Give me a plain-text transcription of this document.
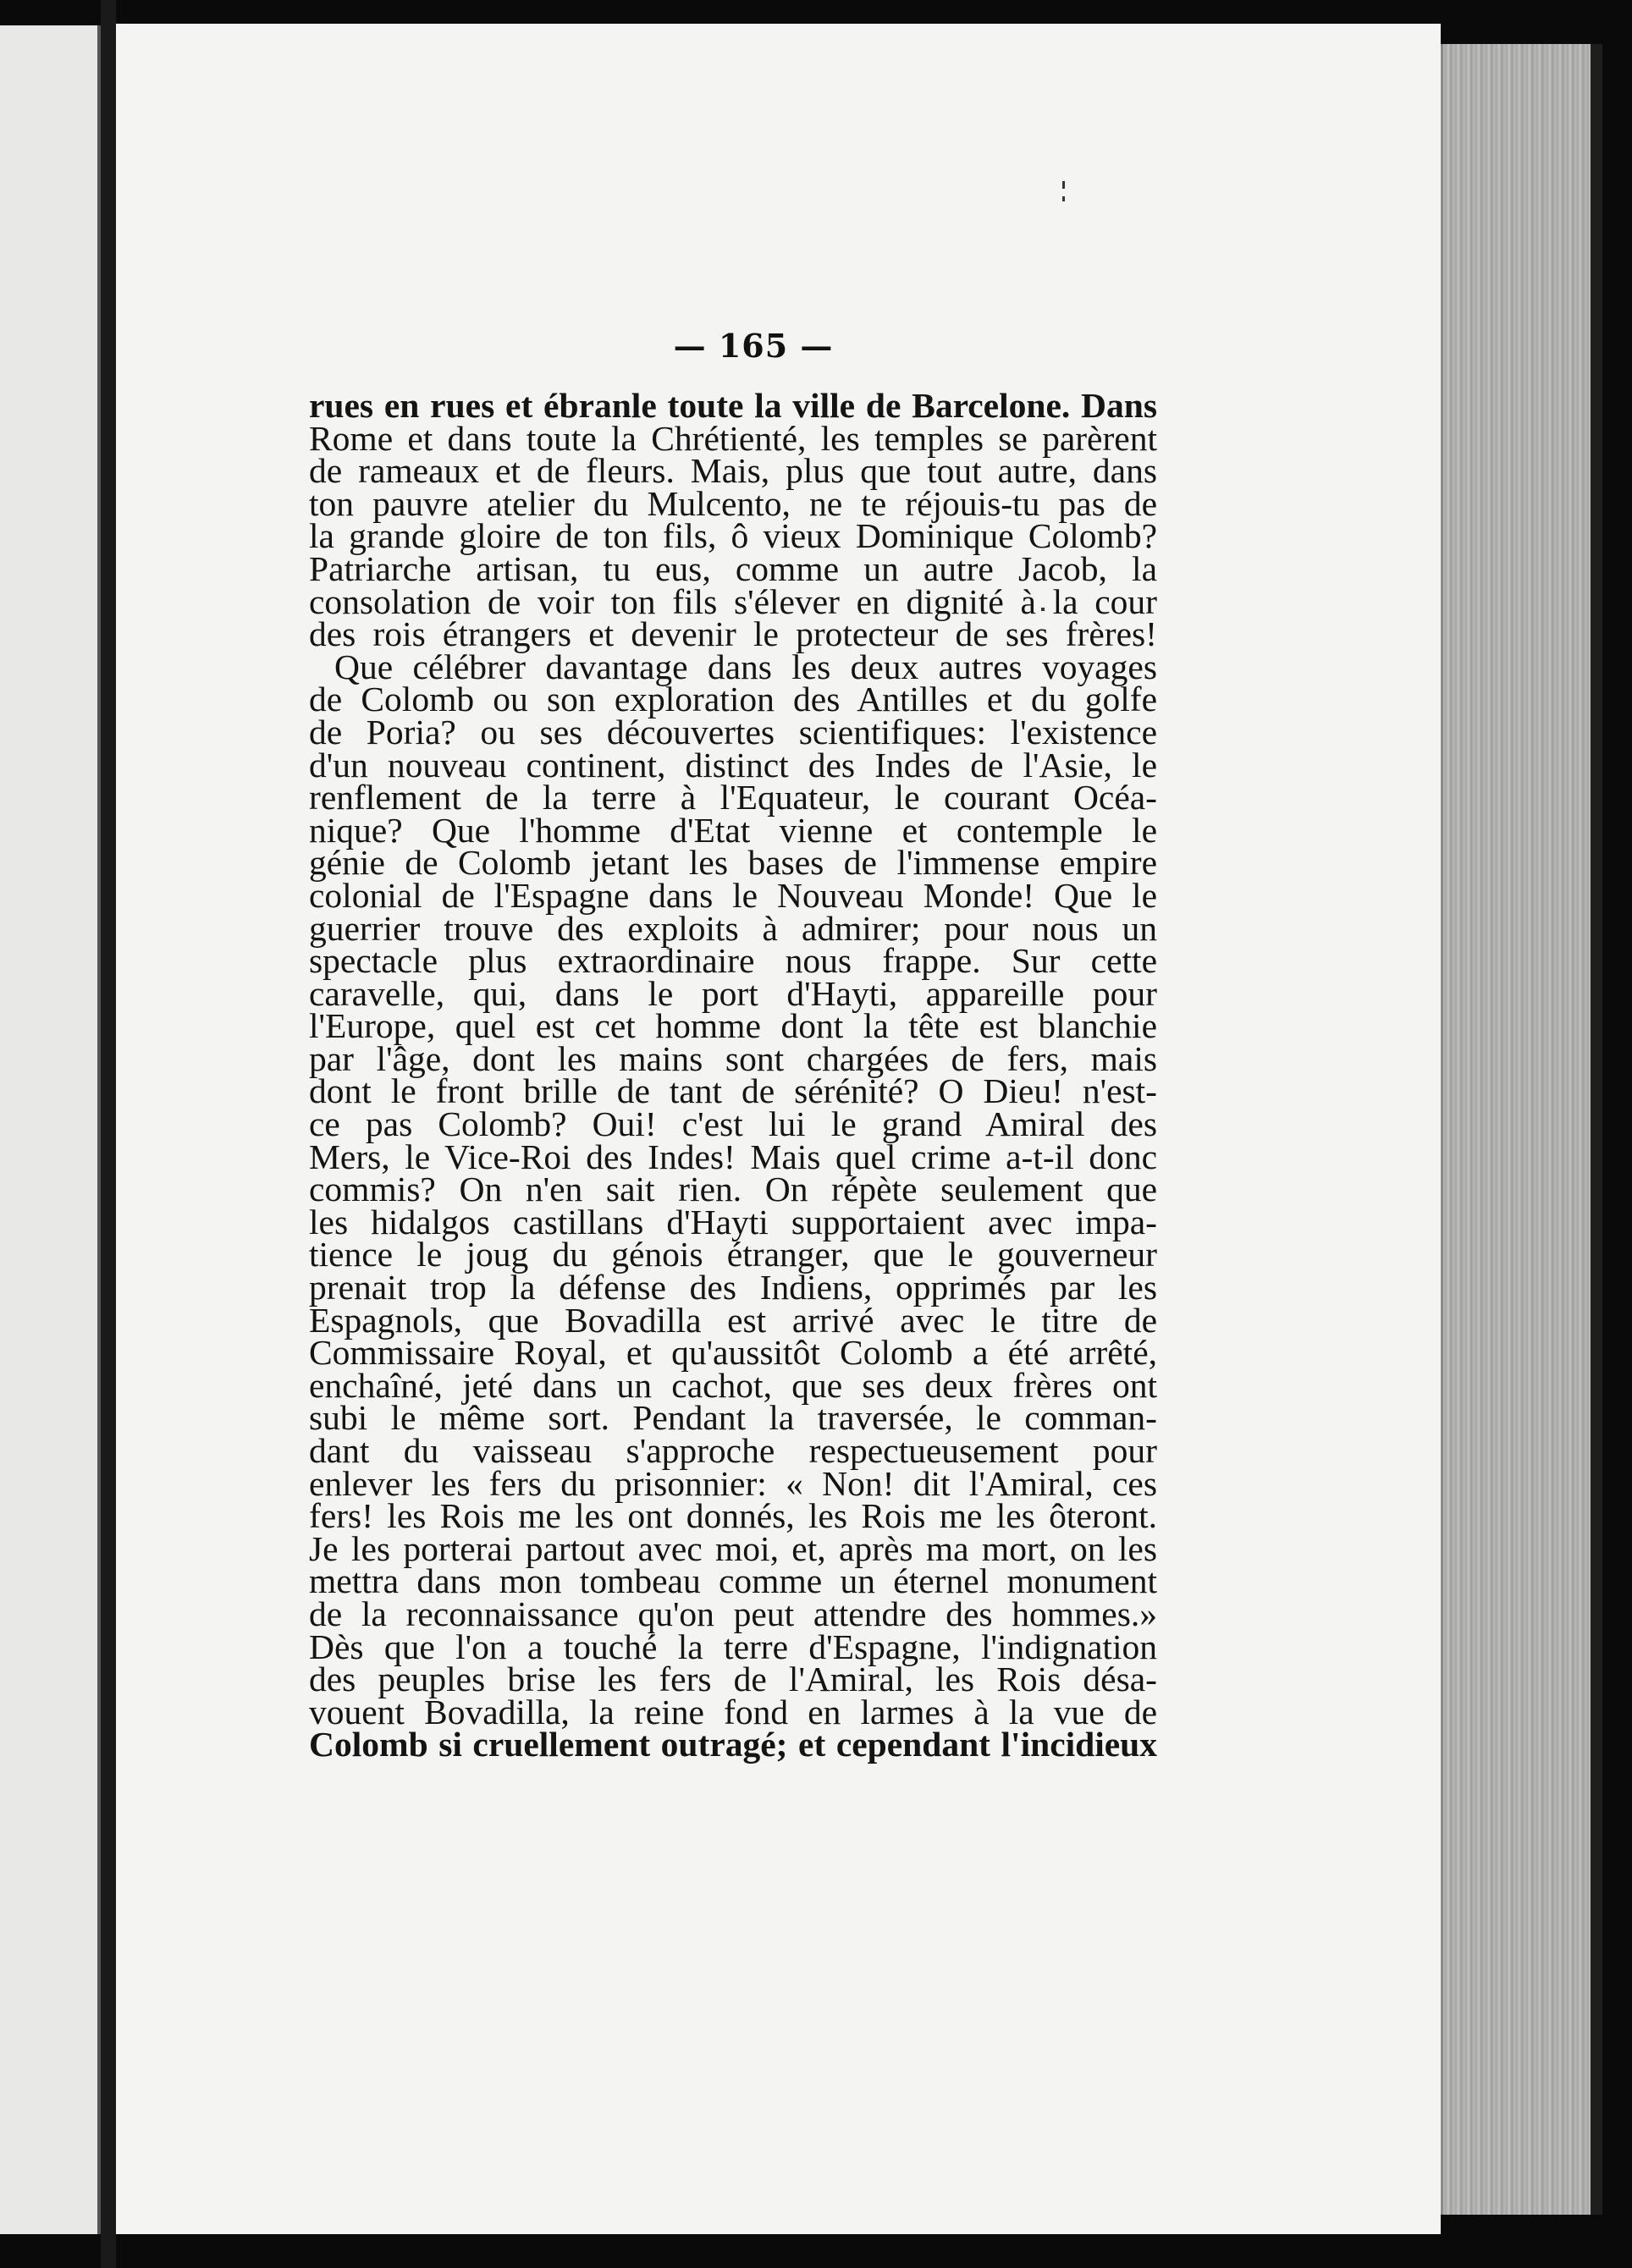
— 165 —
rues en rues et ébranle toute la ville de Barcelone. Dans
Rome et dans toute la Chrétienté, les temples se parèrent
de rameaux et de fleurs. Mais, plus que tout autre, dans
ton pauvre atelier du Mulcento, ne te réjouis-tu pas de
la grande gloire de ton fils, ô vieux Dominique Colomb?
Patriarche artisan, tu eus, comme un autre Jacob, la
consolation de voir ton fils s'élever en dignité à la cour
des rois étrangers et devenir le protecteur de ses frères!
Que célébrer davantage dans les deux autres voyages
de Colomb ou son exploration des Antilles et du golfe
de Poria? ou ses découvertes scientifiques: l'existence
d'un nouveau continent, distinct des Indes de l'Asie, le
renflement de la terre à l'Equateur, le courant Océa-
nique? Que l'homme d'Etat vienne et contemple le
génie de Colomb jetant les bases de l'immense empire
colonial de l'Espagne dans le Nouveau Monde! Que le
guerrier trouve des exploits à admirer; pour nous un
spectacle plus extraordinaire nous frappe. Sur cette
caravelle, qui, dans le port d'Hayti, appareille pour
l'Europe, quel est cet homme dont la tête est blanchie
par l'âge, dont les mains sont chargées de fers, mais
dont le front brille de tant de sérénité? O Dieu! n'est-
ce pas Colomb? Oui! c'est lui le grand Amiral des
Mers, le Vice-Roi des Indes! Mais quel crime a-t-il donc
commis? On n'en sait rien. On répète seulement que
les hidalgos castillans d'Hayti supportaient avec impa-
tience le joug du génois étranger, que le gouverneur
prenait trop la défense des Indiens, opprimés par les
Espagnols, que Bovadilla est arrivé avec le titre de
Commissaire Royal, et qu'aussitôt Colomb a été arrêté,
enchaîné, jeté dans un cachot, que ses deux frères ont
subi le même sort. Pendant la traversée, le comman-
dant du vaisseau s'approche respectueusement pour
enlever les fers du prisonnier: « Non! dit l'Amiral, ces
fers! les Rois me les ont donnés, les Rois me les ôteront.
Je les porterai partout avec moi, et, après ma mort, on les
mettra dans mon tombeau comme un éternel monument
de la reconnaissance qu'on peut attendre des hommes.»
Dès que l'on a touché la terre d'Espagne, l'indignation
des peuples brise les fers de l'Amiral, les Rois désa-
vouent Bovadilla, la reine fond en larmes à la vue de
Colomb si cruellement outragé; et cependant l'incidieux
